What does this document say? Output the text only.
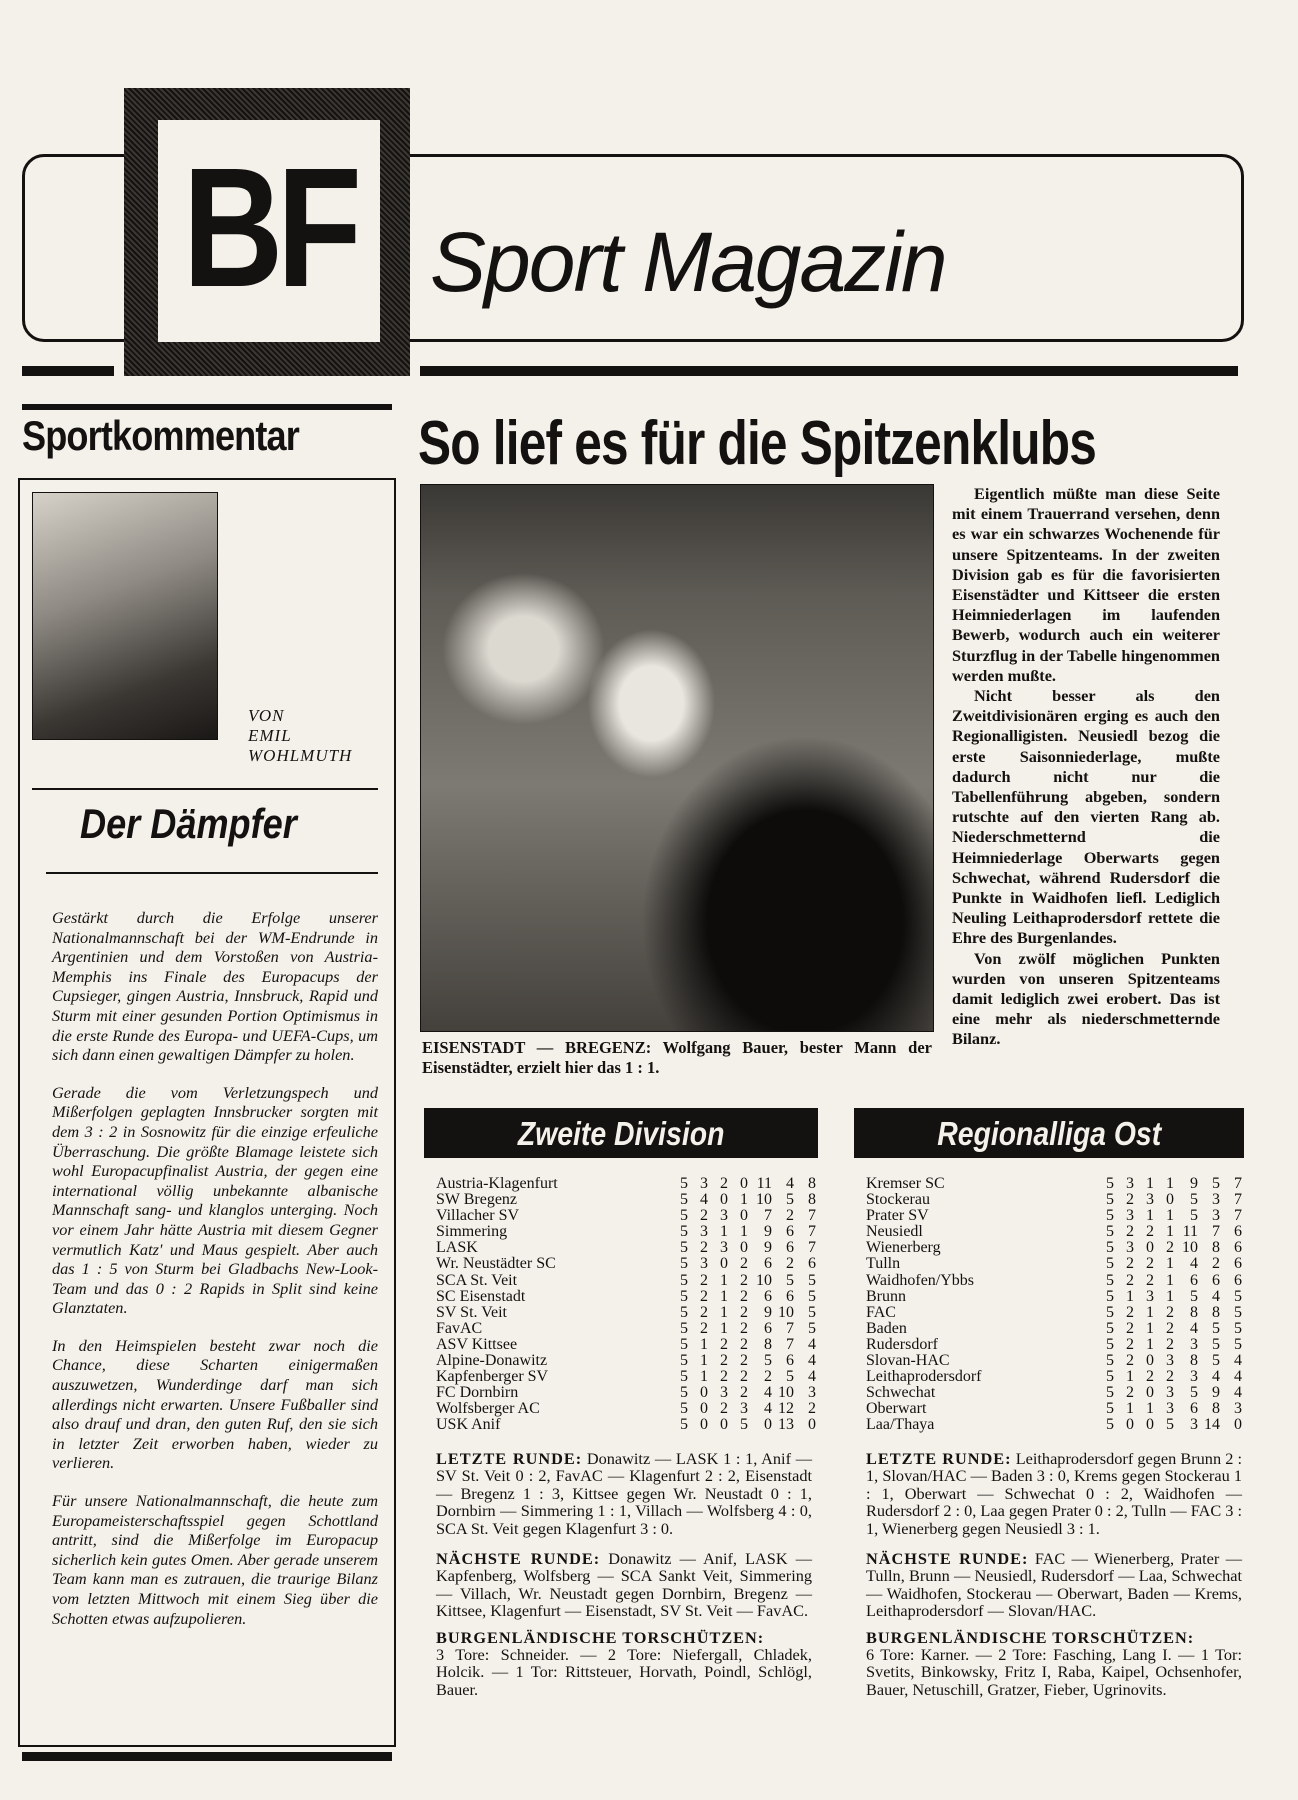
BF Sport Magazin
Sportkommentar
VON
EMIL
WOHLMUTH
Der Dämpfer

Gestärkt durch die Erfolge unserer Nationalmannschaft bei der WM-Endrunde in Argentinien und dem Vorstoßen von Austria-Memphis ins Finale des Europacups der Cupsieger, gingen Austria, Innsbruck, Rapid und Sturm mit einer gesunden Portion Optimismus in die erste Runde des Europa- und UEFA-Cups, um sich dann einen gewaltigen Dämpfer zu holen.

Gerade die vom Verletzungspech und Mißerfolgen geplagten Innsbrucker sorgten mit dem 3 : 2 in Sosnowitz für die einzige erfeuliche Überraschung. Die größte Blamage leistete sich wohl Europacupfinalist Austria, der gegen eine international völlig unbekannte albanische Mannschaft sang- und klanglos unterging. Noch vor einem Jahr hätte Austria mit diesem Gegner vermutlich Katz' und Maus gespielt. Aber auch das 1 : 5 von Sturm bei Gladbachs New-Look-Team und das 0 : 2 Rapids in Split sind keine Glanztaten.

In den Heimspielen besteht zwar noch die Chance, diese Scharten einigermaßen auszuwetzen, Wunderdinge darf man sich allerdings nicht erwarten. Unsere Fußballer sind also drauf und dran, den guten Ruf, den sie sich in letzter Zeit erworben haben, wieder zu verlieren.

Für unsere Nationalmannschaft, die heute zum Europameisterschaftsspiel gegen Schottland antritt, sind die Mißerfolge im Europacup sicherlich kein gutes Omen. Aber gerade unserem Team kann man es zutrauen, die traurige Bilanz vom letzten Mittwoch mit einem Sieg über die Schotten etwas aufzupolieren.

So lief es für die Spitzenklubs
EISENSTADT — BREGENZ: Wolfgang Bauer, bester Mann der Eisenstädter, erzielt hier das 1 : 1.

Eigentlich müßte man diese Seite mit einem Trauerrand versehen, denn es war ein schwarzes Wochenende für unsere Spitzenteams. In der zweiten Division gab es für die favorisierten Eisenstädter und Kittseer die ersten Heimniederlagen im laufenden Bewerb, wodurch auch ein weiterer Sturzflug in der Tabelle hingenommen werden mußte.

Nicht besser als den Zweitdivisionären erging es auch den Regionalligisten. Neusiedl bezog die erste Saisonniederlage, mußte dadurch nicht nur die Tabellenführung abgeben, sondern rutschte auf den vierten Rang ab. Niederschmetternd die Heimniederlage Oberwarts gegen Schwechat, während Rudersdorf die Punkte in Waidhofen liefl. Lediglich Neuling Leithaprodersdorf rettete die Ehre des Burgenlandes.

Von zwölf möglichen Punkten wurden von unseren Spitzenteams damit lediglich zwei erobert. Das ist eine mehr als niederschmetternde Bilanz.

Zweite Division
Austria-Klagenfurt	5 3 2 0 11 4 8
SW Bregenz	5 4 0 1 10 5 8
Villacher SV	5 2 3 0	7 2 7
Simmering	5 3 1 1	9 6 7
LASK	5 2 3 0	9 6 7
Wr. Neustädter SC	5 3 0 2	6 2 6
SCA St. Veit	5 2 1 2 10 5 5
SC Eisenstadt	5 2 1 2	6 6 5
SV St. Veit	5 2 1 2	9 10 5
FavAC	5 2 1 2	6 7 5
ASV Kittsee	5 1 2 2	8 7 4
Alpine-Donawitz	5 1 2 2	5 6 4
Kapfenberger SV	5 1 2 2	2 5 4
FC Dornbirn	5 0 3 2	4 10 3
Wolfsberger AC	5 0 2 3	4 12 2
USK Anif	5 0 0 5	0 13 0

LETZTE RUNDE: Donawitz — LASK 1 : 1, Anif — SV St. Veit 0 : 2, FavAC — Klagenfurt 2 : 2, Eisenstadt — Bregenz 1 : 3, Kittsee gegen Wr. Neustadt 0 : 1, Dornbirn — Simmering 1 : 1, Villach — Wolfsberg 4 : 0, SCA St. Veit gegen Klagenfurt 3 : 0.

NÄCHSTE RUNDE: Donawitz — Anif, LASK — Kapfenberg, Wolfsberg — SCA Sankt Veit, Simmering — Villach, Wr. Neustadt gegen Dornbirn, Bregenz — Kittsee, Klagenfurt — Eisenstadt, SV St. Veit — FavAC.

BURGENLÄNDISCHE TORSCHÜTZEN:
3 Tore: Schneider. — 2 Tore: Niefergall, Chladek, Holcik. — 1 Tor: Rittsteuer, Horvath, Poindl, Schlögl, Bauer.

Regionalliga Ost
Kremser SC	5 3 1 1	9 5 7
Stockerau	5 2 3 0	5 3 7
Prater SV	5 3 1 1	5 3 7
Neusiedl	5 2 2 1 11 7 6
Wienerberg	5 3 0 2 10 8 6
Tulln	5 2 2 1	4 2 6
Waidhofen/Ybbs	5 2 2 1	6 6 6
Brunn	5 1 3 1	5 4 5
FAC	5 2 1 2	8 8 5
Baden	5 2 1 2	4 5 5
Rudersdorf	5 2 1 2	3 5 5
Slovan-HAC	5 2 0 3	8 5 4
Leithaprodersdorf	5 1 2 2	3 4 4
Schwechat	5 2 0 3	5 9 4
Oberwart	5 1 1 3	6 8 3
Laa/Thaya	5 0 0 5	3 14 0

LETZTE RUNDE: Leithaprodersdorf gegen Brunn 2 : 1, Slovan/HAC — Baden 3 : 0, Krems gegen Stockerau 1 : 1, Oberwart — Schwechat 0 : 2, Waidhofen — Rudersdorf 2 : 0, Laa gegen Prater 0 : 2, Tulln — FAC 3 : 1, Wienerberg gegen Neusiedl 3 : 1.

NÄCHSTE RUNDE: FAC — Wienerberg, Prater — Tulln, Brunn — Neusiedl, Rudersdorf — Laa, Schwechat — Waidhofen, Stockerau — Oberwart, Baden — Krems, Leithaprodersdorf — Slovan/HAC.

BURGENLÄNDISCHE TORSCHÜTZEN:
6 Tore: Karner. — 2 Tore: Fasching, Lang I. — 1 Tor: Svetits, Binkowsky, Fritz I, Raba, Kaipel, Ochsenhofer, Bauer, Netuschill, Gratzer, Fieber, Ugrinovits.
